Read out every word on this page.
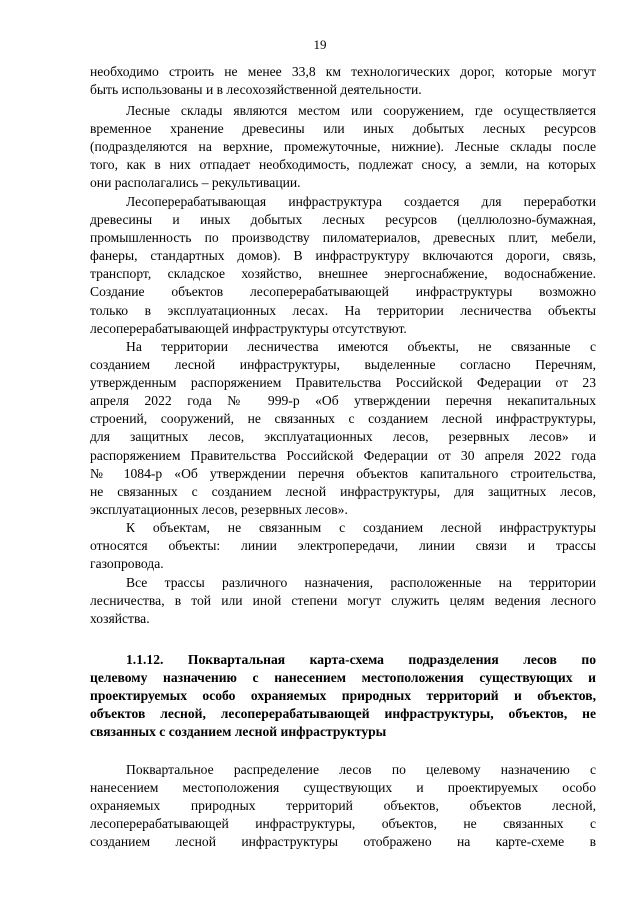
19
необходимо строить не менее 33,8 км технологических дорог, которые могут
быть использованы и в лесохозяйственной деятельности.
Лесные склады являются местом или сооружением, где осуществляется
временное хранение древесины или иных добытых лесных ресурсов
(подразделяются на верхние, промежуточные, нижние). Лесные склады после
того, как в них отпадает необходимость, подлежат сносу, а земли, на которых
они располагались – рекультивации.
Лесоперерабатывающая инфраструктура создается для переработки
древесины и иных добытых лесных ресурсов (целлюлозно-бумажная,
промышленность по производству пиломатериалов, древесных плит, мебели,
фанеры, стандартных домов). В инфраструктуру включаются дороги, связь,
транспорт, складское хозяйство, внешнее энергоснабжение, водоснабжение.
Создание объектов лесоперерабатывающей инфраструктуры возможно
только в эксплуатационных лесах. На территории лесничества объекты
лесоперерабатывающей инфраструктуры отсутствуют.
На территории лесничества имеются объекты, не связанные с
созданием лесной инфраструктуры, выделенные согласно Перечням,
утвержденным распоряжением Правительства Российской Федерации от 23
апреля 2022 года № 999-р «Об утверждении перечня некапитальных
строений, сооружений, не связанных с созданием лесной инфраструктуры,
для защитных лесов, эксплуатационных лесов, резервных лесов» и
распоряжением Правительства Российской Федерации от 30 апреля 2022 года
№ 1084-р «Об утверждении перечня объектов капитального строительства,
не связанных с созданием лесной инфраструктуры, для защитных лесов,
эксплуатационных лесов, резервных лесов».
К объектам, не связанным с созданием лесной инфраструктуры
относятся объекты: линии электропередачи, линии связи и трассы
газопровода.
Все трассы различного назначения, расположенные на территории
лесничества, в той или иной степени могут служить целям ведения лесного
хозяйства.
1.1.12. Поквартальная карта-схема подразделения лесов по
целевому назначению с нанесением местоположения существующих и
проектируемых особо охраняемых природных территорий и объектов,
объектов лесной, лесоперерабатывающей инфраструктуры, объектов, не
связанных с созданием лесной инфраструктуры
Поквартальное распределение лесов по целевому назначению с
нанесением местоположения существующих и проектируемых особо
охраняемых природных территорий объектов, объектов лесной,
лесоперерабатывающей инфраструктуры, объектов, не связанных с
созданием лесной инфраструктуры отображено на карте-схеме в
